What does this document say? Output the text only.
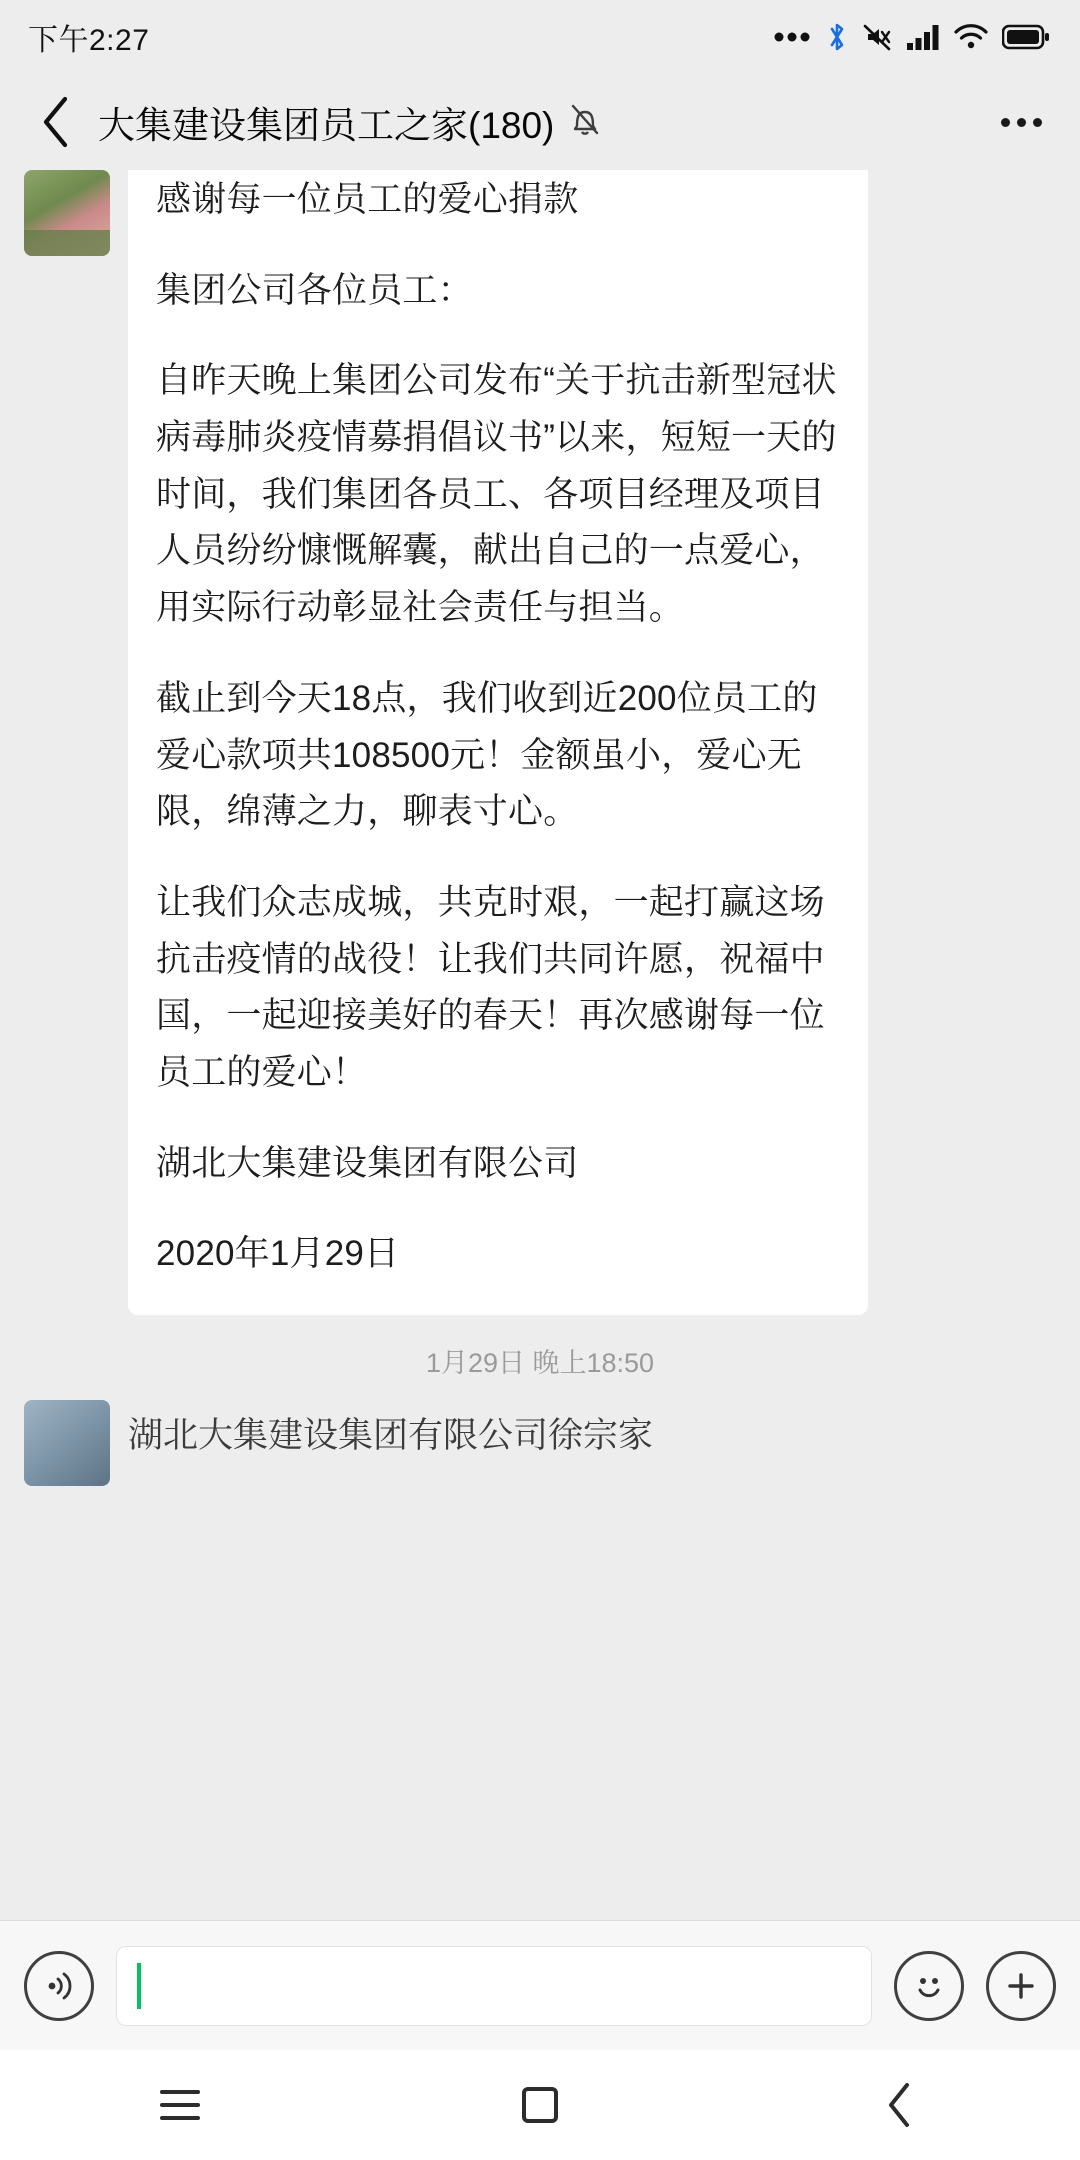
下午2:27
大集建设集团员工之家(180)

感谢每一位员工的爱心捐款

集团公司各位员工：

自昨天晚上集团公司发布“关于抗击新型冠状病毒肺炎疫情募捐倡议书”以来，短短一天的时间，我们集团各员工、各项目经理及项目人员纷纷慷慨解囊，献出自己的一点爱心，用实际行动彰显社会责任与担当。

截止到今天18点，我们收到近200位员工的爱心款项共108500元！金额虽小，爱心无限，绵薄之力，聊表寸心。

让我们众志成城，共克时艰，一起打赢这场抗击疫情的战役！让我们共同许愿，祝福中国，一起迎接美好的春天！再次感谢每一位员工的爱心！

湖北大集建设集团有限公司

2020年1月29日

1月29日 晚上18:50
湖北大集建设集团有限公司徐宗家
